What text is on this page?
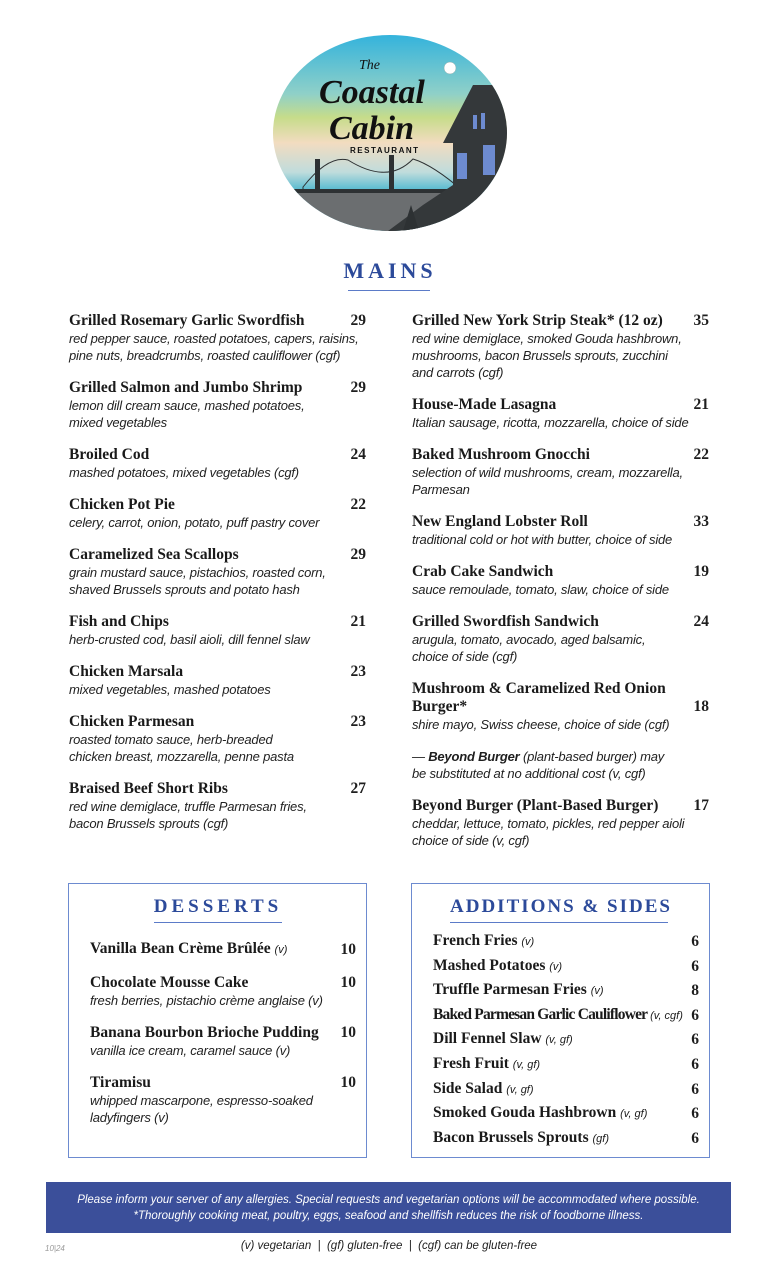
The
Coastal
Cabin
RESTAURANT
MAINS
Grilled Rosemary Garlic Swordfish	29
red pepper sauce, roasted potatoes, capers, raisins,
pine nuts, breadcrumbs, roasted cauliflower (cgf)
Grilled Salmon and Jumbo Shrimp	29
lemon dill cream sauce, mashed potatoes,
mixed vegetables
Broiled Cod	24
mashed potatoes, mixed vegetables (cgf)
Chicken Pot Pie	22
celery, carrot, onion, potato, puff pastry cover
Caramelized Sea Scallops	29
grain mustard sauce, pistachios, roasted corn,
shaved Brussels sprouts and potato hash
Fish and Chips	21
herb-crusted cod, basil aioli, dill fennel slaw
Chicken Marsala	23
mixed vegetables, mashed potatoes
Chicken Parmesan	23
roasted tomato sauce, herb-breaded
chicken breast, mozzarella, penne pasta
Braised Beef Short Ribs	27
red wine demiglace, truffle Parmesan fries,
bacon Brussels sprouts (cgf)
Grilled New York Strip Steak* (12 oz) 35
red wine demiglace, smoked Gouda hashbrown,
mushrooms, bacon Brussels sprouts, zucchini
and carrots (cgf)
House-Made Lasagna	21
Italian sausage, ricotta, mozzarella, choice of side
Baked Mushroom Gnocchi	22
selection of wild mushrooms, cream, mozzarella,
Parmesan
New England Lobster Roll	33
traditional cold or hot with butter, choice of side
Crab Cake Sandwich	19
sauce remoulade, tomato, slaw, choice of side
Grilled Swordfish Sandwich	24
arugula, tomato, avocado, aged balsamic,
choice of side (cgf)
Mushroom & Caramelized Red Onion
Burger*	18
shire mayo, Swiss cheese, choice of side (cgf)
— Beyond Burger (plant-based burger) may
be substituted at no additional cost (v, cgf)
Beyond Burger (Plant-Based Burger) 17
cheddar, lettuce, tomato, pickles, red pepper aioli
choice of side (v, cgf)
DESSERTS
Vanilla Bean Crème Brûlée (v)	10
Chocolate Mousse Cake	10
fresh berries, pistachio crème anglaise (v)
Banana Bourbon Brioche Pudding 10
vanilla ice cream, caramel sauce (v)
Tiramisu	10
whipped mascarpone, espresso-soaked
ladyfingers (v)
ADDITIONS & SIDES
French Fries (v)	6
Mashed Potatoes (v)	6
Truffle Parmesan Fries (v)	8
Baked Parmesan Garlic Cauliflower (v, cgf) 6
Dill Fennel Slaw (v, gf)	6
Fresh Fruit (v, gf)	6
Side Salad (v, gf)	6
Smoked Gouda Hashbrown (v, gf)	6
Bacon Brussels Sprouts (gf)	6
Please inform your server of any allergies. Special requests and vegetarian options will be accommodated where possible.
*Thoroughly cooking meat, poultry, eggs, seafood and shellfish reduces the risk of foodborne illness.
10|24	(v) vegetarian  |  (gf) gluten-free  |  (cgf) can be gluten-free
